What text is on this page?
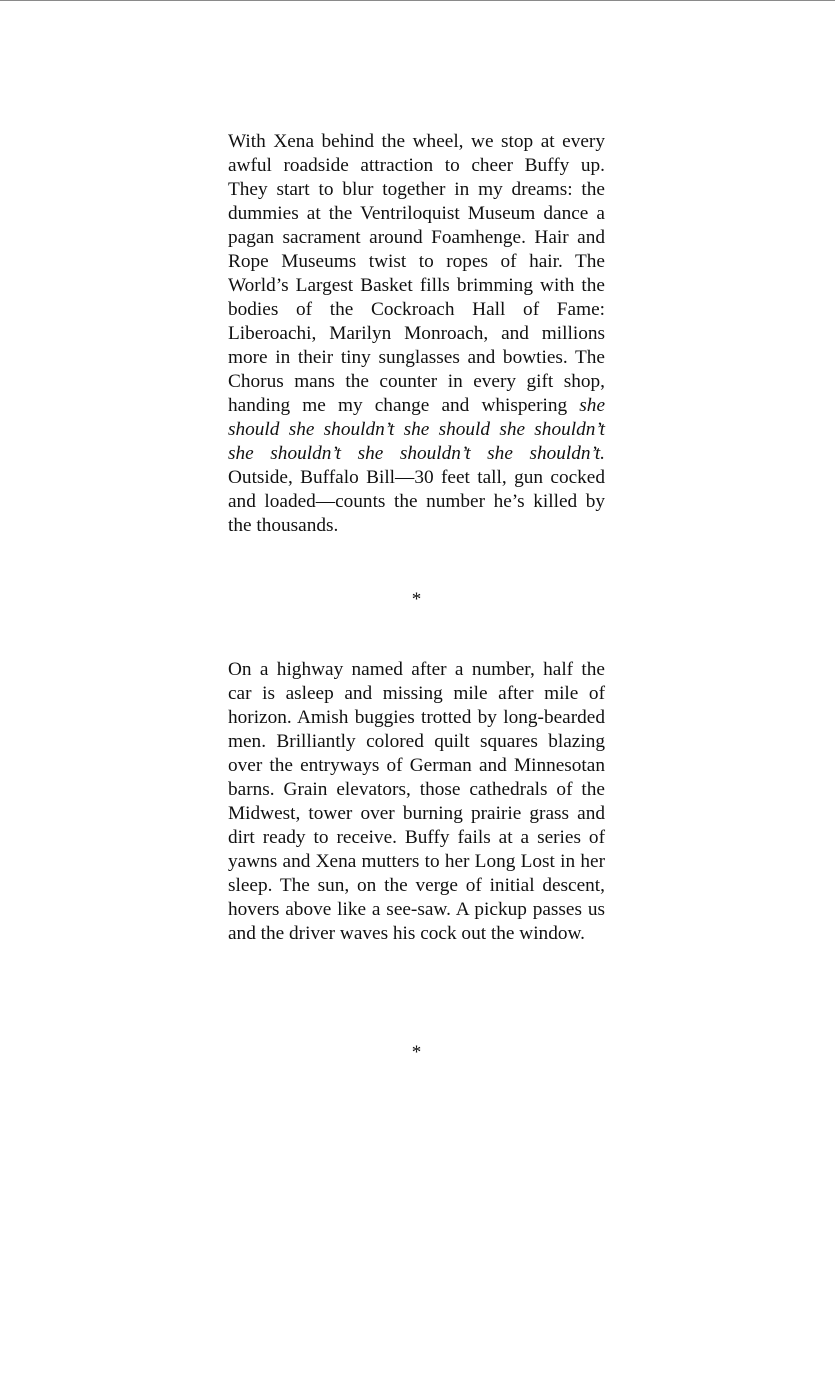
With Xena behind the wheel, we stop at every awful roadside attraction to cheer Buffy up. They start to blur together in my dreams: the dummies at the Ventriloquist Museum dance a pagan sacrament around Foamhenge. Hair and Rope Museums twist to ropes of hair. The World’s Largest Basket fills brimming with the bodies of the Cockroach Hall of Fame: Liberoachi, Marilyn Monroach, and millions more in their tiny sunglasses and bowties. The Chorus mans the counter in every gift shop, handing me my change and whispering she should she shouldn’t she should she shouldn’t she shouldn’t she shouldn’t she shouldn’t. Outside, Buffalo Bill—30 feet tall, gun cocked and loaded—counts the number he’s killed by the thousands.

*

On a highway named after a number, half the car is asleep and missing mile after mile of horizon. Amish buggies trotted by long-bearded men. Brilliantly colored quilt squares blazing over the entryways of German and Minnesotan barns. Grain elevators, those cathedrals of the Midwest, tower over burning prairie grass and dirt ready to receive. Buffy fails at a series of yawns and Xena mutters to her Long Lost in her sleep. The sun, on the verge of initial descent, hovers above like a see-saw. A pickup passes us and the driver waves his cock out the window.

*
